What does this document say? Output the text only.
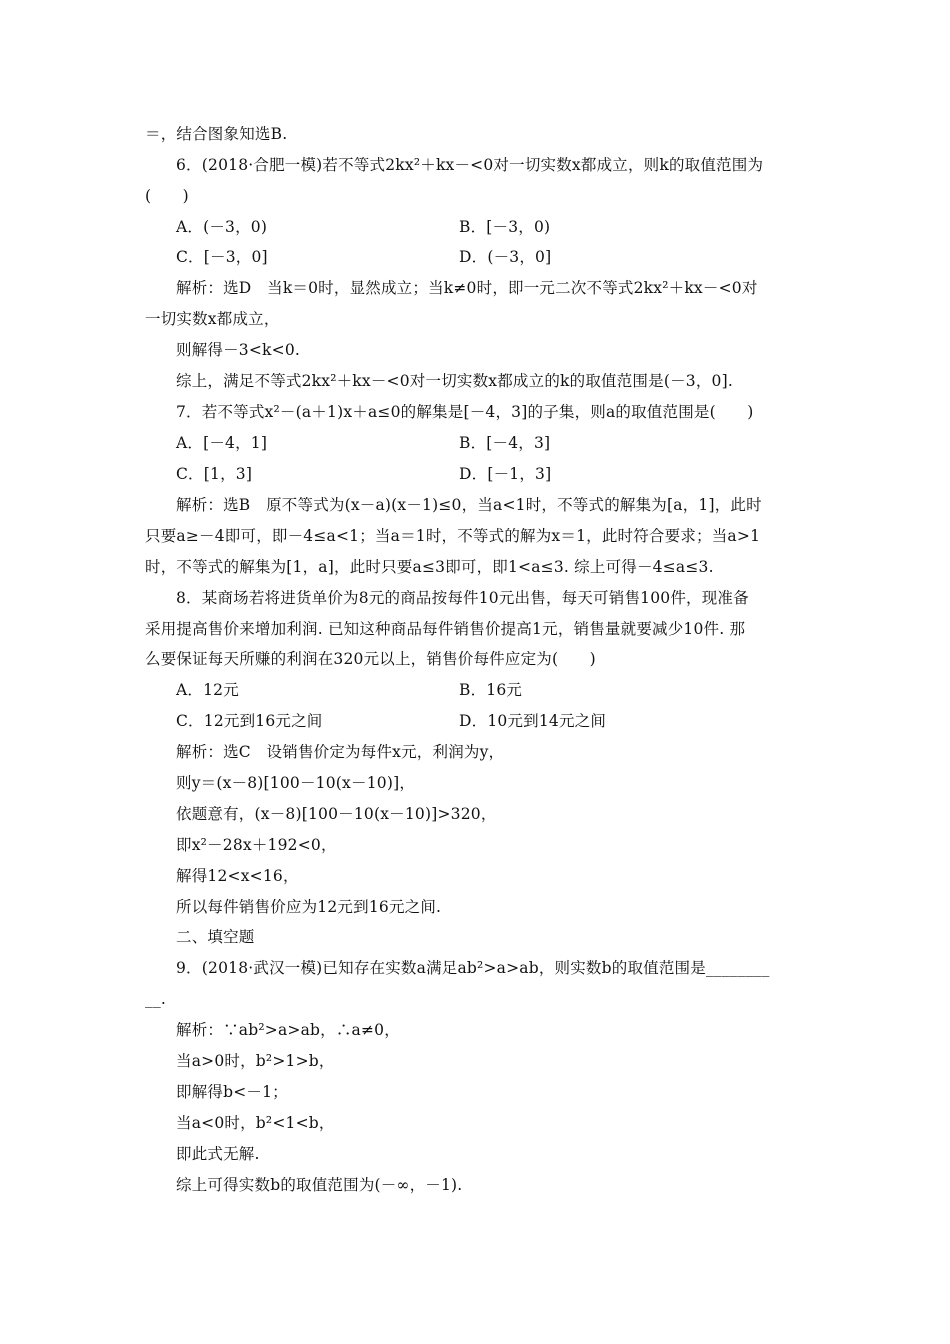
＝，结合图象知选B.
6．(2018·合肥一模)若不等式2kx²＋kx－<0对一切实数x都成立，则k的取值范围为
(　　)
A．(－3，0)	B．[－3，0)
C．[－3，0]	D．(－3，0]
解析：选D　当k＝0时，显然成立；当k≠0时，即一元二次不等式2kx²＋kx－<0对
一切实数x都成立，
则解得－3<k<0.
综上，满足不等式2kx²＋kx－<0对一切实数x都成立的k的取值范围是(－3，0].
7．若不等式x²－(a＋1)x＋a≤0的解集是[－4，3]的子集，则a的取值范围是(　　)
A．[－4，1]	B．[－4，3]
C．[1，3]	D．[－1，3]
解析：选B　原不等式为(x－a)(x－1)≤0，当a<1时，不等式的解集为[a，1]，此时
只要a≥－4即可，即－4≤a<1；当a＝1时，不等式的解为x＝1，此时符合要求；当a>1
时，不等式的解集为[1，a]，此时只要a≤3即可，即1<a≤3. 综上可得－4≤a≤3.
8．某商场若将进货单价为8元的商品按每件10元出售，每天可销售100件，现准备
采用提高售价来增加利润. 已知这种商品每件销售价提高1元，销售量就要减少10件. 那
么要保证每天所赚的利润在320元以上，销售价每件应定为(　　)
A．12元	B．16元
C．12元到16元之间	D．10元到14元之间
解析：选C　设销售价定为每件x元，利润为y，
则y＝(x－8)[100－10(x－10)]，
依题意有，(x－8)[100－10(x－10)]>320，
即x²－28x＋192<0，
解得12<x<16，
所以每件销售价应为12元到16元之间.
二、填空题
9．(2018·武汉一模)已知存在实数a满足ab²>a>ab，则实数b的取值范围是________
__.
解析：∵ab²>a>ab，∴a≠0，
当a>0时，b²>1>b，
即解得b<－1；
当a<0时，b²<1<b，
即此式无解.
综上可得实数b的取值范围为(－∞，－1).
